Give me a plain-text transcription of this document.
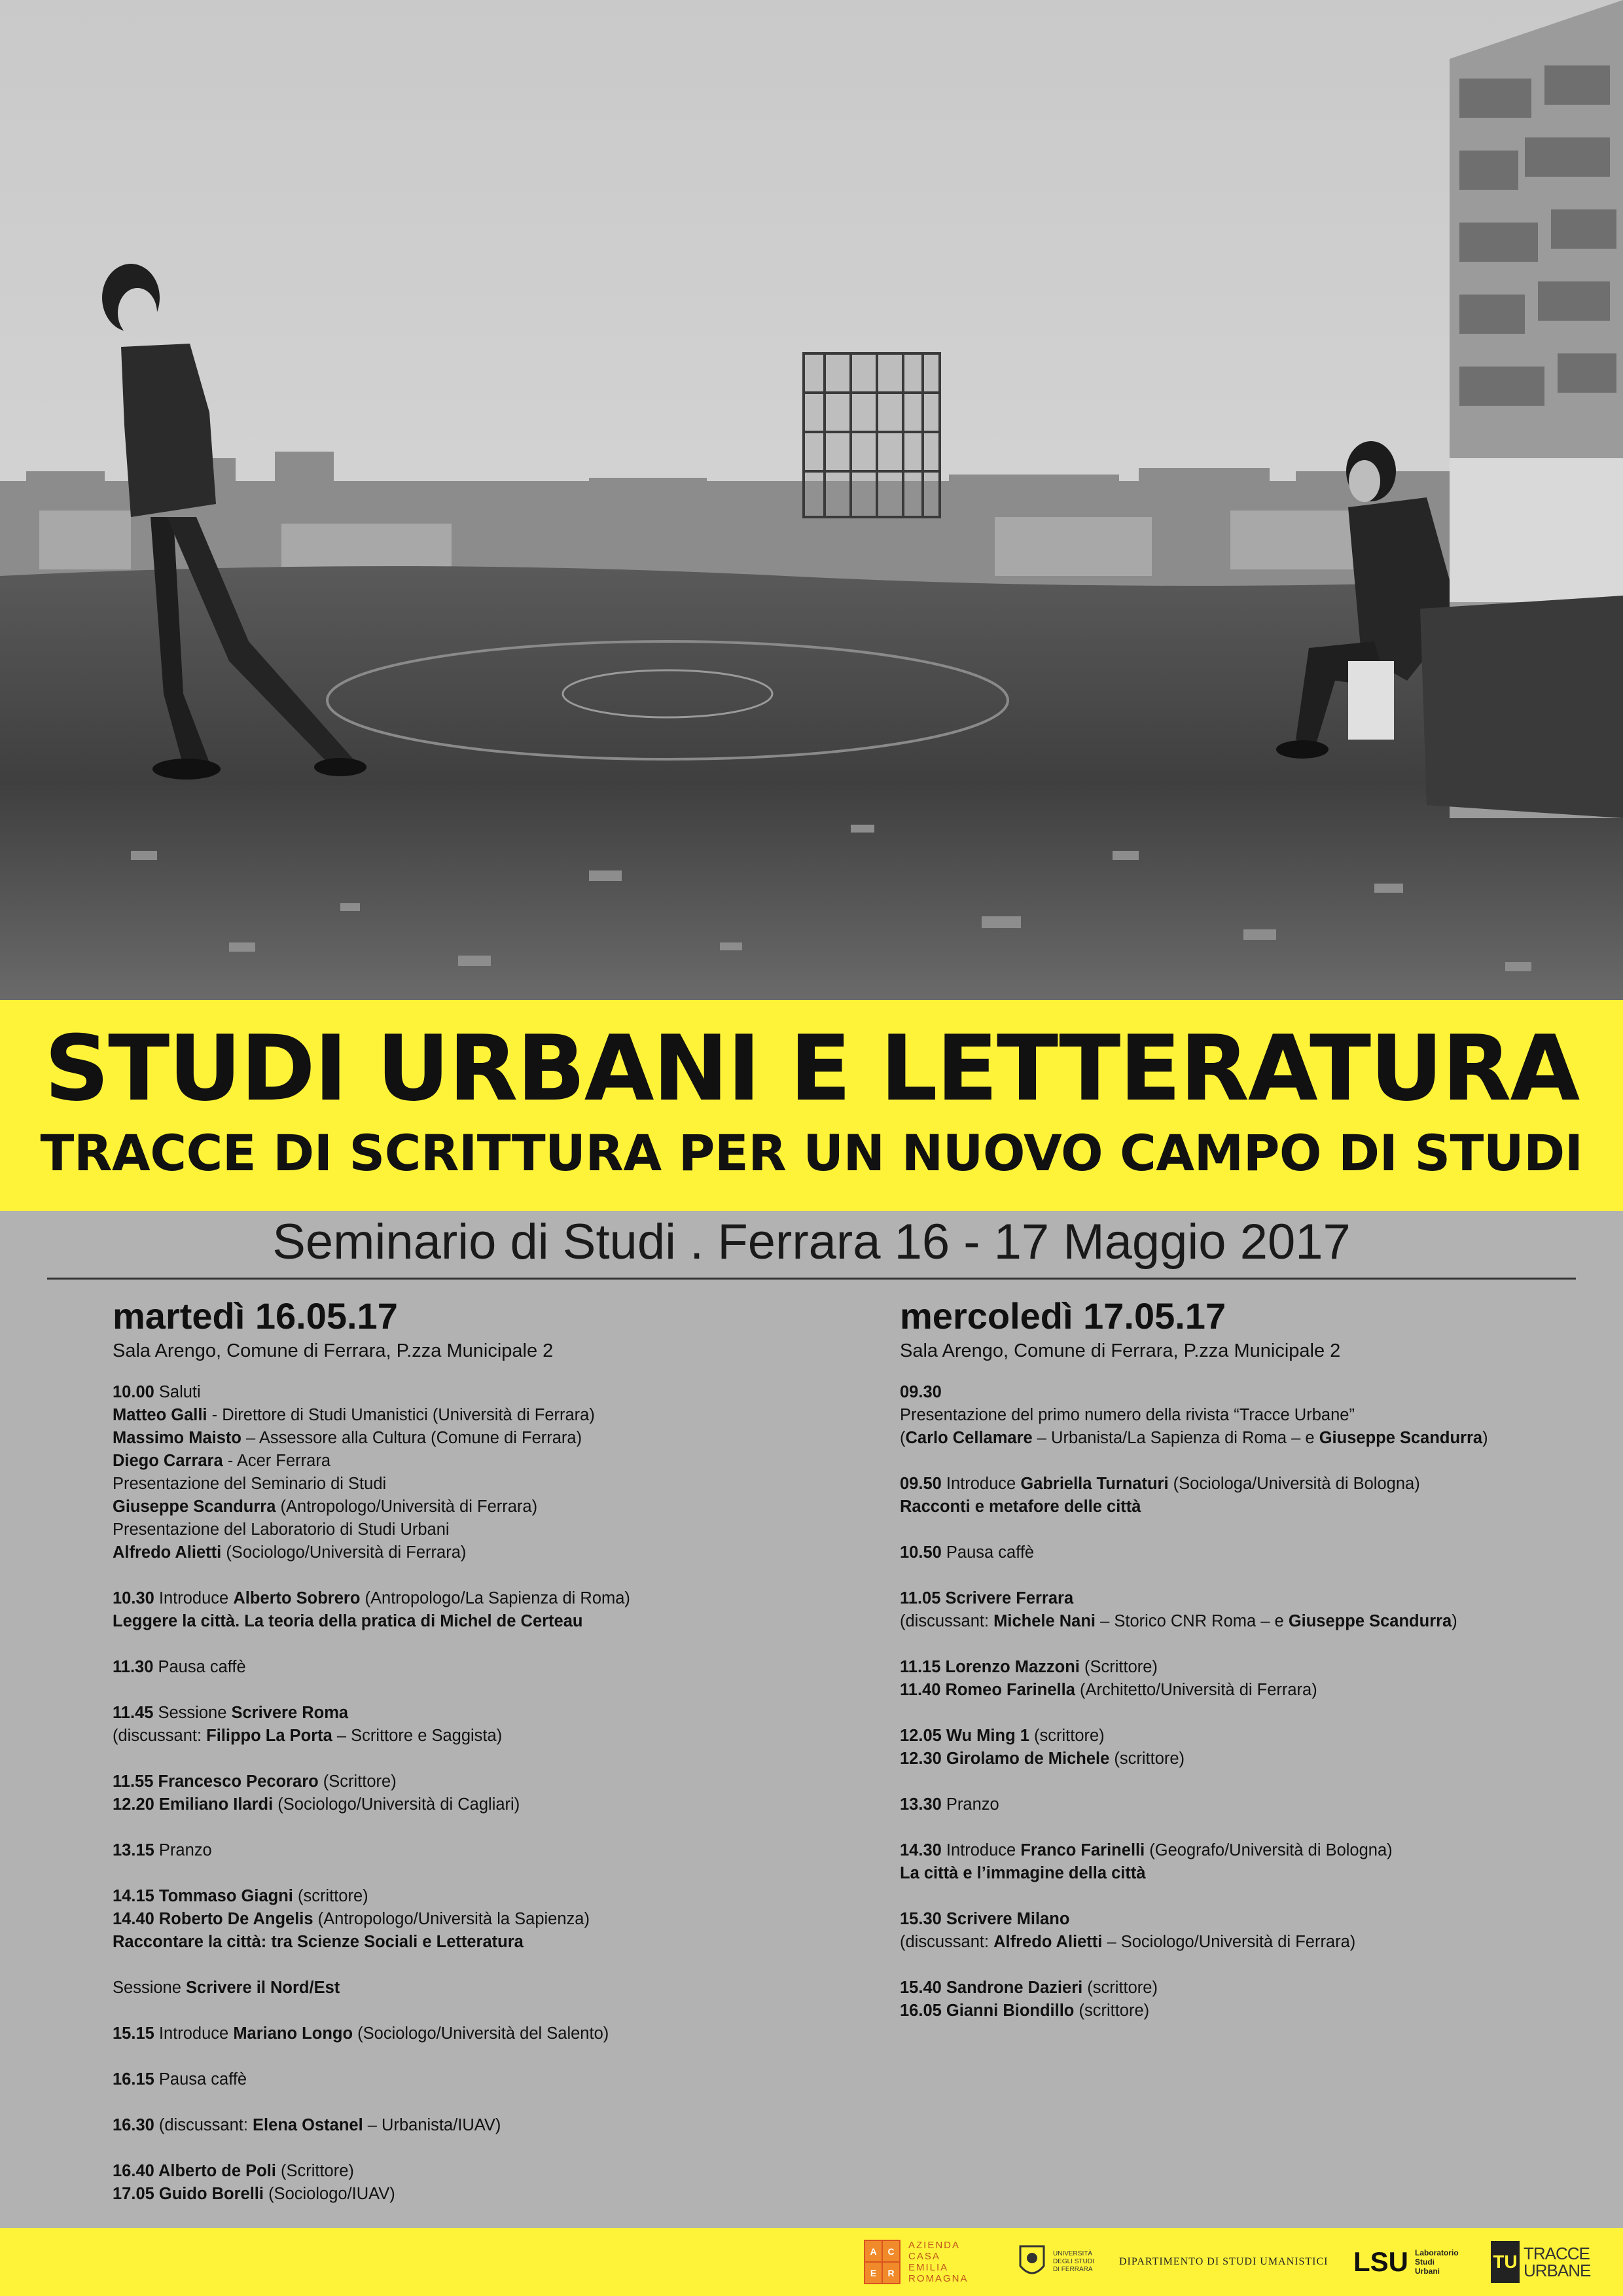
STUDI URBANI E LETTERATURA
TRACCE DI SCRITTURA PER UN NUOVO CAMPO DI STUDI
Seminario di Studi . Ferrara 16 - 17 Maggio 2017
martedì 16.05.17
Sala Arengo, Comune di Ferrara, P.zza Municipale 2
10.00 Saluti
Matteo Galli - Direttore di Studi Umanistici (Università di Ferrara)
Massimo Maisto – Assessore alla Cultura (Comune di Ferrara)
Diego Carrara - Acer Ferrara
Presentazione del Seminario di Studi
Giuseppe Scandurra (Antropologo/Università di Ferrara)
Presentazione del Laboratorio di Studi Urbani
Alfredo Alietti (Sociologo/Università di Ferrara)
10.30 Introduce Alberto Sobrero (Antropologo/La Sapienza di Roma)
Leggere la città. La teoria della pratica di Michel de Certeau
11.30 Pausa caffè
11.45 Sessione Scrivere Roma
(discussant: Filippo La Porta – Scrittore e Saggista)
11.55 Francesco Pecoraro (Scrittore)
12.20 Emiliano Ilardi (Sociologo/Università di Cagliari)
13.15 Pranzo
14.15 Tommaso Giagni (scrittore)
14.40 Roberto De Angelis (Antropologo/Università la Sapienza)
Raccontare la città: tra Scienze Sociali e Letteratura
Sessione Scrivere il Nord/Est
15.15 Introduce Mariano Longo (Sociologo/Università del Salento)
16.15 Pausa caffè
16.30 (discussant: Elena Ostanel – Urbanista/IUAV)
16.40 Alberto de Poli (Scrittore)
17.05 Guido Borelli (Sociologo/IUAV)
mercoledì 17.05.17
Sala Arengo, Comune di Ferrara, P.zza Municipale 2
09.30
Presentazione del primo numero della rivista “Tracce Urbane”
(Carlo Cellamare – Urbanista/La Sapienza di Roma – e Giuseppe Scandurra)
09.50 Introduce Gabriella Turnaturi (Sociologa/Università di Bologna)
Racconti e metafore delle città
10.50 Pausa caffè
11.05 Scrivere Ferrara
(discussant: Michele Nani – Storico CNR Roma – e Giuseppe Scandurra)
11.15 Lorenzo Mazzoni (Scrittore)
11.40 Romeo Farinella (Architetto/Università di Ferrara)
12.05 Wu Ming 1 (scrittore)
12.30 Girolamo de Michele (scrittore)
13.30 Pranzo
14.30 Introduce Franco Farinelli (Geografo/Università di Bologna)
La città e l’immagine della città
15.30 Scrivere Milano
(discussant: Alfredo Alietti – Sociologo/Università di Ferrara)
15.40 Sandrone Dazieri (scrittore)
16.05 Gianni Biondillo (scrittore)
A	C
E	R
AZIENDA
CASA
EMILIA
ROMAGNA
UNIVERSITÀ
DEGLI STUDI
DI FERRARA
DIPARTIMENTO DI STUDI UMANISTICI LSU Laboratorio
Studi
Urbani	TU TRACCE
URBANE
